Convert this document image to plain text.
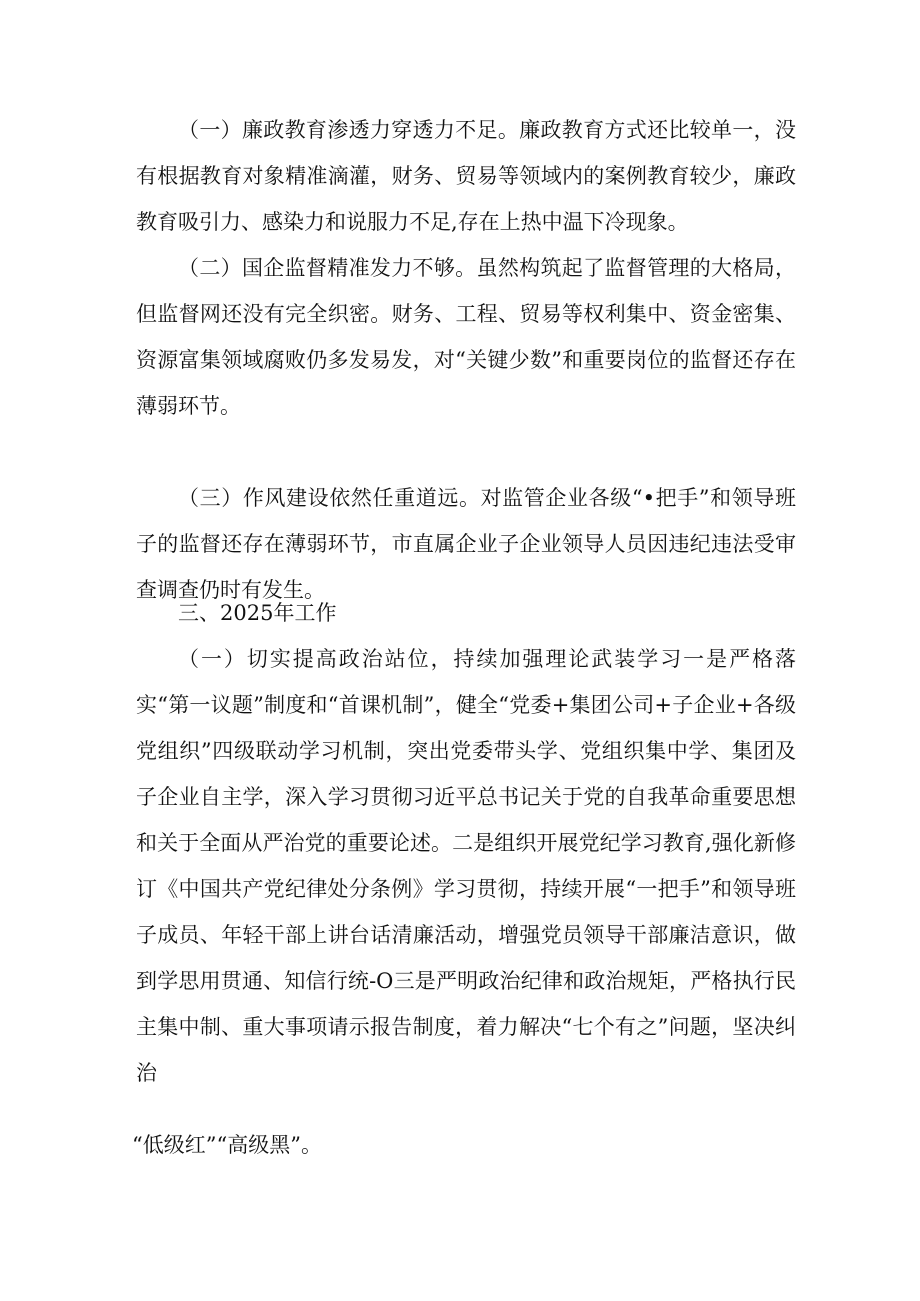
（一）廉政教育渗透力穿透力不足。廉政教育方式还比较单一，没有根据教育对象精准滴灌，财务、贸易等领域内的案例教育较少，廉政教育吸引力、感染力和说服力不足,存在上热中温下冷现象。

（二）国企监督精准发力不够。虽然构筑起了监督管理的大格局，但监督网还没有完全织密。财务、工程、贸易等权利集中、资金密集、资源富集领域腐败仍多发易发，对“关键少数”和重要岗位的监督还存在薄弱环节。

（三）作风建设依然任重道远。对监管企业各级“•把手”和领导班子的监督还存在薄弱环节，市直属企业子企业领导人员因违纪违法受审查调查仍时有发生。

三、2025年工作

（一）切实提高政治站位，持续加强理论武装学习一是严格落实“第一议题”制度和“首课机制”，健全“党委+集团公司+子企业+各级党组织”四级联动学习机制，突出党委带头学、党组织集中学、集团及子企业自主学，深入学习贯彻习近平总书记关于党的自我革命重要思想和关于全面从严治党的重要论述。二是组织开展党纪学习教育,强化新修订《中国共产党纪律处分条例》学习贯彻，持续开展“一把手”和领导班子成员、年轻干部上讲台话清廉活动，增强党员领导干部廉洁意识，做到学思用贯通、知信行统-O三是严明政治纪律和政治规矩，严格执行民主集中制、重大事项请示报告制度，着力解决“七个有之”问题，坚决纠治

“低级红”“高级黑”。
